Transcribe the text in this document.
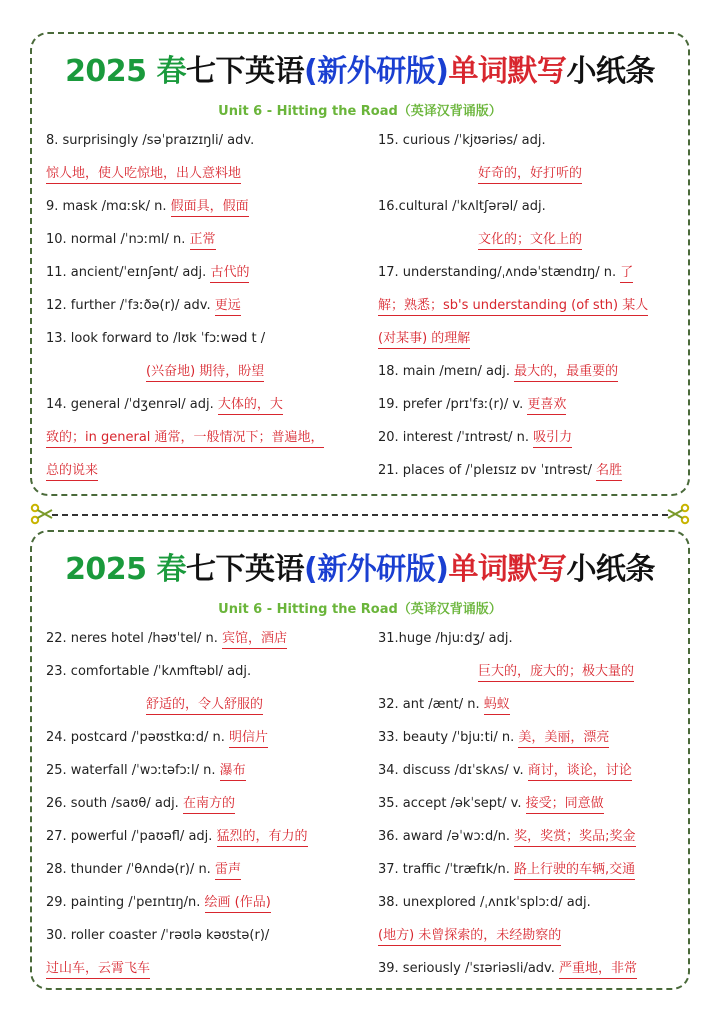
2025 春七下英语(新外研版)单词默写小纸条
Unit 6 - Hitting the Road（英译汉背诵版）
8. surprisingly /səˈpraɪzɪŋli/ adv.
惊人地，使人吃惊地，出人意料地
9. mask /mɑːsk/ n. 假面具，假面
10. normal /ˈnɔːml/ n. 正常
11. ancient/ˈeɪnʃənt/ adj. 古代的
12. further /ˈfɜːðə(r)/ adv. 更远
13. look forward to /lʊk ˈfɔːwəd t /
(兴奋地) 期待，盼望
14. general /ˈdʒenrəl/ adj. 大体的，大
致的；in general 通常，一般情况下；普遍地，
总的说来
15. curious /ˈkjʊəriəs/ adj.
好奇的，好打听的
16.cultural /ˈkʌltʃərəl/ adj.
文化的；文化上的
17. understanding/ˌʌndəˈstændɪŋ/ n. 了
解；熟悉；sb's understanding (of sth) 某人
(对某事) 的理解
18. main /meɪn/ adj. 最大的，最重要的
19. prefer /prɪˈfɜː(r)/ v. 更喜欢
20. interest /ˈɪntrəst/ n. 吸引力
21. places of /ˈpleɪsɪz ɒv ˈɪntrəst/ 名胜
2025 春七下英语(新外研版)单词默写小纸条
Unit 6 - Hitting the Road（英译汉背诵版）
22. neres hotel /həʊˈtel/ n. 宾馆，酒店
23. comfortable /ˈkʌmftəbl/ adj.
舒适的，令人舒服的
24. postcard /ˈpəʊstkɑːd/ n. 明信片
25. waterfall /ˈwɔːtəfɔːl/ n. 瀑布
26. south /saʊθ/ adj. 在南方的
27. powerful /ˈpaʊəfl/ adj. 猛烈的，有力的
28. thunder /ˈθʌndə(r)/ n. 雷声
29. painting /ˈpeɪntɪŋ/n. 绘画 (作品)
30. roller coaster /ˈrəʊlə kəʊstə(r)/
过山车，云霄飞车
31.huge /hjuːdʒ/ adj.
巨大的，庞大的；极大量的
32. ant /ænt/ n. 蚂蚁
33. beauty /ˈbjuːti/ n. 美，美丽，漂亮
34. discuss /dɪˈskʌs/ v. 商讨，谈论，讨论
35. accept /əkˈsept/ v. 接受；同意做
36. award /əˈwɔːd/n. 奖，奖赏；奖品;奖金
37. traffic /ˈtræfɪk/n. 路上行驶的车辆,交通
38. unexplored /ˌʌnɪkˈsplɔːd/ adj.
(地方) 未曾探索的，未经勘察的
39. seriously /ˈsɪəriəsli/adv. 严重地，非常
